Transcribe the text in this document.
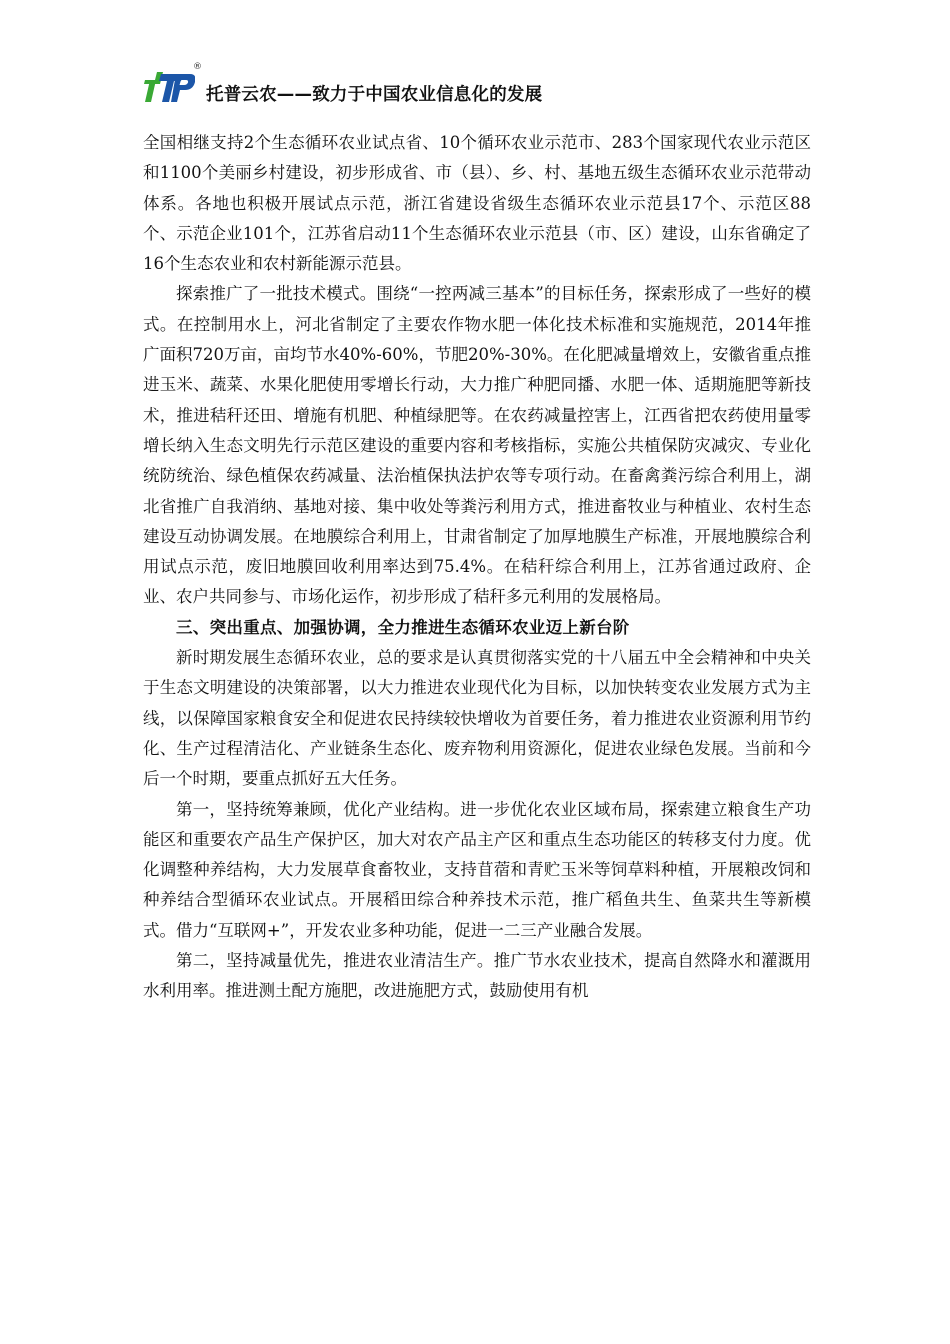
®
托普云农——致力于中国农业信息化的发展

全国相继支持2个生态循环农业试点省、10个循环农业示范市、283个国家现代农业示范区和1100个美丽乡村建设，初步形成省、市（县）、乡、村、基地五级生态循环农业示范带动体系。各地也积极开展试点示范，浙江省建设省级生态循环农业示范县17个、示范区88个、示范企业101个，江苏省启动11个生态循环农业示范县（市、区）建设，山东省确定了16个生态农业和农村新能源示范县。

探索推广了一批技术模式。围绕“一控两减三基本”的目标任务，探索形成了一些好的模式。在控制用水上，河北省制定了主要农作物水肥一体化技术标准和实施规范，2014年推广面积720万亩，亩均节水40%-60%，节肥20%-30%。在化肥减量增效上，安徽省重点推进玉米、蔬菜、水果化肥使用零增长行动，大力推广种肥同播、水肥一体、适期施肥等新技术，推进秸秆还田、增施有机肥、种植绿肥等。在农药减量控害上，江西省把农药使用量零增长纳入生态文明先行示范区建设的重要内容和考核指标，实施公共植保防灾减灾、专业化统防统治、绿色植保农药减量、法治植保执法护农等专项行动。在畜禽粪污综合利用上，湖北省推广自我消纳、基地对接、集中收处等粪污利用方式，推进畜牧业与种植业、农村生态建设互动协调发展。在地膜综合利用上，甘肃省制定了加厚地膜生产标准，开展地膜综合利用试点示范，废旧地膜回收利用率达到75.4%。在秸秆综合利用上，江苏省通过政府、企业、农户共同参与、市场化运作，初步形成了秸秆多元利用的发展格局。

三、突出重点、加强协调，全力推进生态循环农业迈上新台阶

新时期发展生态循环农业，总的要求是认真贯彻落实党的十八届五中全会精神和中央关于生态文明建设的决策部署，以大力推进农业现代化为目标，以加快转变农业发展方式为主线，以保障国家粮食安全和促进农民持续较快增收为首要任务，着力推进农业资源利用节约化、生产过程清洁化、产业链条生态化、废弃物利用资源化，促进农业绿色发展。当前和今后一个时期，要重点抓好五大任务。

第一，坚持统筹兼顾，优化产业结构。进一步优化农业区域布局，探索建立粮食生产功能区和重要农产品生产保护区，加大对农产品主产区和重点生态功能区的转移支付力度。优化调整种养结构，大力发展草食畜牧业，支持苜蓿和青贮玉米等饲草料种植，开展粮改饲和种养结合型循环农业试点。开展稻田综合种养技术示范，推广稻鱼共生、鱼菜共生等新模式。借力“互联网+”，开发农业多种功能，促进一二三产业融合发展。

第二，坚持减量优先，推进农业清洁生产。推广节水农业技术，提高自然降水和灌溉用水利用率。推进测土配方施肥，改进施肥方式，鼓励使用有机
